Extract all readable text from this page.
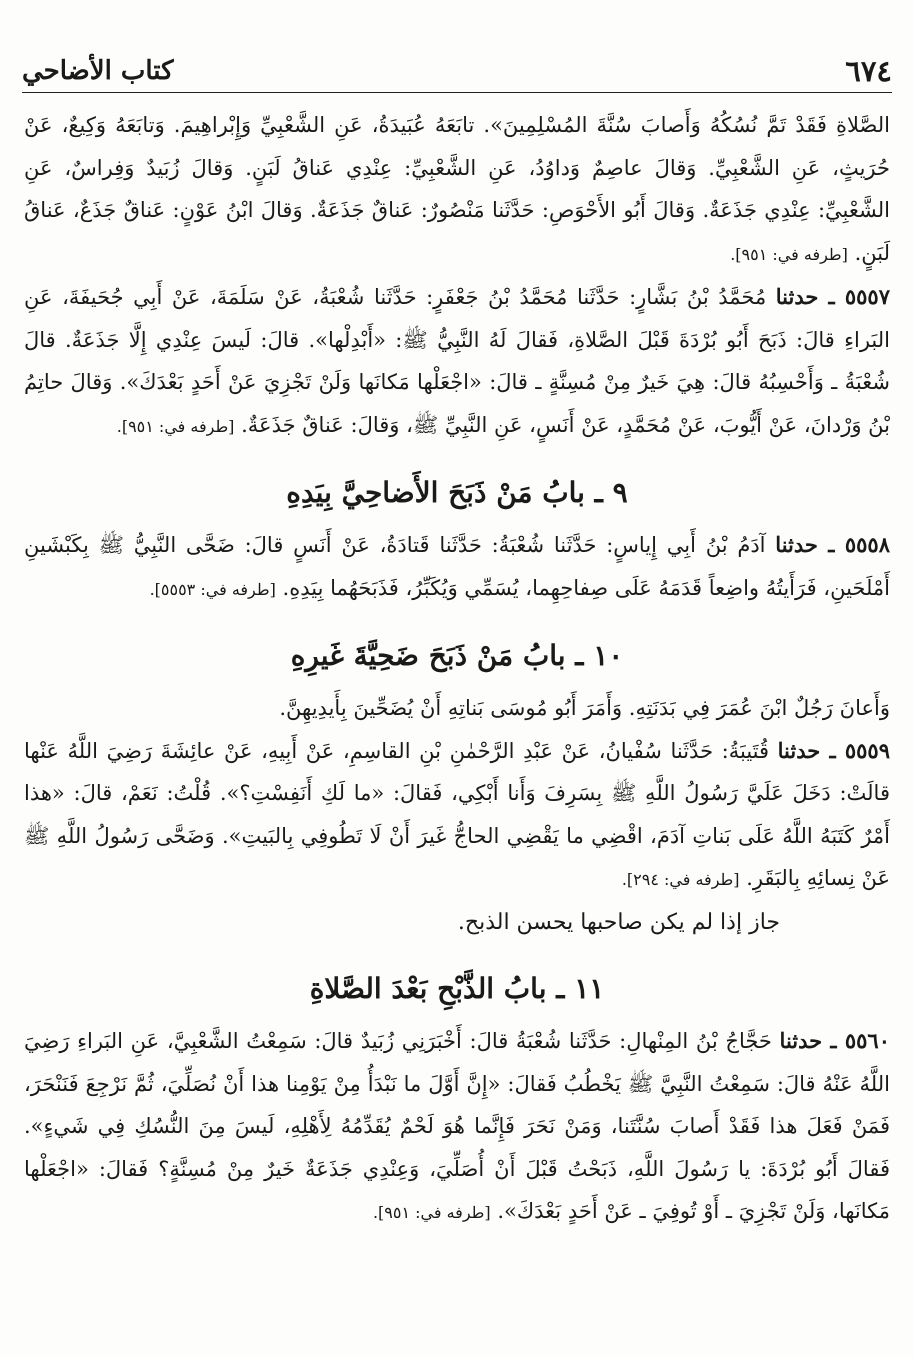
٦٧٤
كتاب الأضاحي

الصَّلاةِ فَقَدْ تَمَّ نُسُكُهُ وَأَصابَ سُنَّةَ المُسْلِمِينَ». تابَعَهُ عُبَيدَةُ، عَنِ الشَّعْبِيِّ وَإِبْراهِيمَ. وَتابَعَهُ وَكِيعٌ، عَنْ حُرَيثٍ، عَنِ الشَّعْبِيِّ. وَقالَ عاصِمٌ وَداوُدُ، عَنِ الشَّعْبِيِّ: عِنْدِي عَناقُ لَبَنٍ. وَقالَ زُبَيدٌ وَفِراسٌ، عَنِ الشَّعْبِيِّ: عِنْدِي جَذَعَةٌ. وَقالَ أَبُو الأَحْوَصِ: حَدَّثَنا مَنْصُورٌ: عَناقٌ جَذَعَةٌ. وَقالَ ابْنُ عَوْنٍ: عَناقٌ جَذَعٌ، عَناقُ لَبَنٍ. [طرفه في: ٩٥١].

٥٥٥٧ ـ حدثنا مُحَمَّدُ بْنُ بَشَّارٍ: حَدَّثَنا مُحَمَّدُ بْنُ جَعْفَرٍ: حَدَّثَنا شُعْبَةُ، عَنْ سَلَمَةَ، عَنْ أَبِي جُحَيفَةَ، عَنِ البَراءِ قالَ: ذَبَحَ أَبُو بُرْدَةَ قَبْلَ الصَّلاةِ، فَقالَ لَهُ النَّبِيُّ ﷺ: «أَبْدِلْها». قالَ: لَيسَ عِنْدِي إِلَّا جَذَعَةٌ. قالَ شُعْبَةُ ـ وَأَحْسِبُهُ قالَ: هِيَ خَيرٌ مِنْ مُسِنَّةٍ ـ قالَ: «اجْعَلْها مَكانَها وَلَنْ تَجْزِيَ عَنْ أَحَدٍ بَعْدَكَ». وَقالَ حاتِمُ بْنُ وَرْدانَ، عَنْ أَيُّوبَ، عَنْ مُحَمَّدٍ، عَنْ أَنَسٍ، عَنِ النَّبِيِّ ﷺ، وَقالَ: عَناقٌ جَذَعَةٌ. [طرفه في: ٩٥١].

٩ ـ بابُ مَنْ ذَبَحَ الأَضاحِيَّ بِيَدِهِ

٥٥٥٨ ـ حدثنا آدَمُ بْنُ أَبِي إِياسٍ: حَدَّثَنا شُعْبَةُ: حَدَّثَنا قَتادَةُ، عَنْ أَنَسٍ قالَ: ضَحَّى النَّبِيُّ ﷺ بِكَبْشَينِ أَمْلَحَينِ، فَرَأَيتُهُ واضِعاً قَدَمَهُ عَلَى صِفاحِهِما، يُسَمِّي وَيُكَبِّرُ، فَذَبَحَهُما بِيَدِهِ. [طرفه في: ٥٥٥٣].

١٠ ـ بابُ مَنْ ذَبَحَ ضَحِيَّةَ غَيرِهِ

وَأَعانَ رَجُلٌ ابْنَ عُمَرَ فِي بَدَنَتِهِ. وَأَمَرَ أَبُو مُوسَى بَناتِهِ أَنْ يُضَحِّينَ بِأَيدِيهِنَّ.

٥٥٥٩ ـ حدثنا قُتَيبَةُ: حَدَّثَنا سُفْيانُ، عَنْ عَبْدِ الرَّحْمٰنِ بْنِ القاسِمِ، عَنْ أَبِيهِ، عَنْ عائِشَةَ رَضِيَ اللَّهُ عَنْها قالَتْ: دَخَلَ عَلَيَّ رَسُولُ اللَّهِ ﷺ بِسَرِفَ وَأَنا أَبْكِي، فَقالَ: «ما لَكِ أَنَفِسْتِ؟». قُلْتُ: نَعَمْ، قالَ: «هذا أَمْرٌ كَتَبَهُ اللَّهُ عَلَى بَناتِ آدَمَ، اقْضِي ما يَقْضِي الحاجُّ غَيرَ أَنْ لَا تَطُوفِي بِالبَيتِ». وَضَحَّى رَسُولُ اللَّهِ ﷺ عَنْ نِسائِهِ بِالبَقَرِ. [طرفه في: ٢٩٤].

جاز إذا لم يكن صاحبها يحسن الذبح.

١١ ـ بابُ الذَّبْحِ بَعْدَ الصَّلاةِ

٥٥٦٠ ـ حدثنا حَجَّاجُ بْنُ المِنْهالِ: حَدَّثَنا شُعْبَةُ قالَ: أَخْبَرَنِي زُبَيدٌ قالَ: سَمِعْتُ الشَّعْبِيَّ، عَنِ البَراءِ رَضِيَ اللَّهُ عَنْهُ قالَ: سَمِعْتُ النَّبِيَّ ﷺ يَخْطُبُ فَقالَ: «إِنَّ أَوَّلَ ما نَبْدَأُ مِنْ يَوْمِنا هذا أَنْ نُصَلِّيَ، ثُمَّ نَرْجِعَ فَنَنْحَرَ، فَمَنْ فَعَلَ هذا فَقَدْ أَصابَ سُنَّتَنا، وَمَنْ نَحَرَ فَإِنَّما هُوَ لَحْمٌ يُقَدِّمُهُ لِأَهْلِهِ، لَيسَ مِنَ النُّسُكِ فِي شَيءٍ». فَقالَ أَبُو بُرْدَةَ: يا رَسُولَ اللَّهِ، ذَبَحْتُ قَبْلَ أَنْ أُصَلِّيَ، وَعِنْدِي جَذَعَةٌ خَيرٌ مِنْ مُسِنَّةٍ؟ فَقالَ: «اجْعَلْها مَكانَها، وَلَنْ تَجْزِيَ ـ أَوْ تُوفِيَ ـ عَنْ أَحَدٍ بَعْدَكَ». [طرفه في: ٩٥١].
